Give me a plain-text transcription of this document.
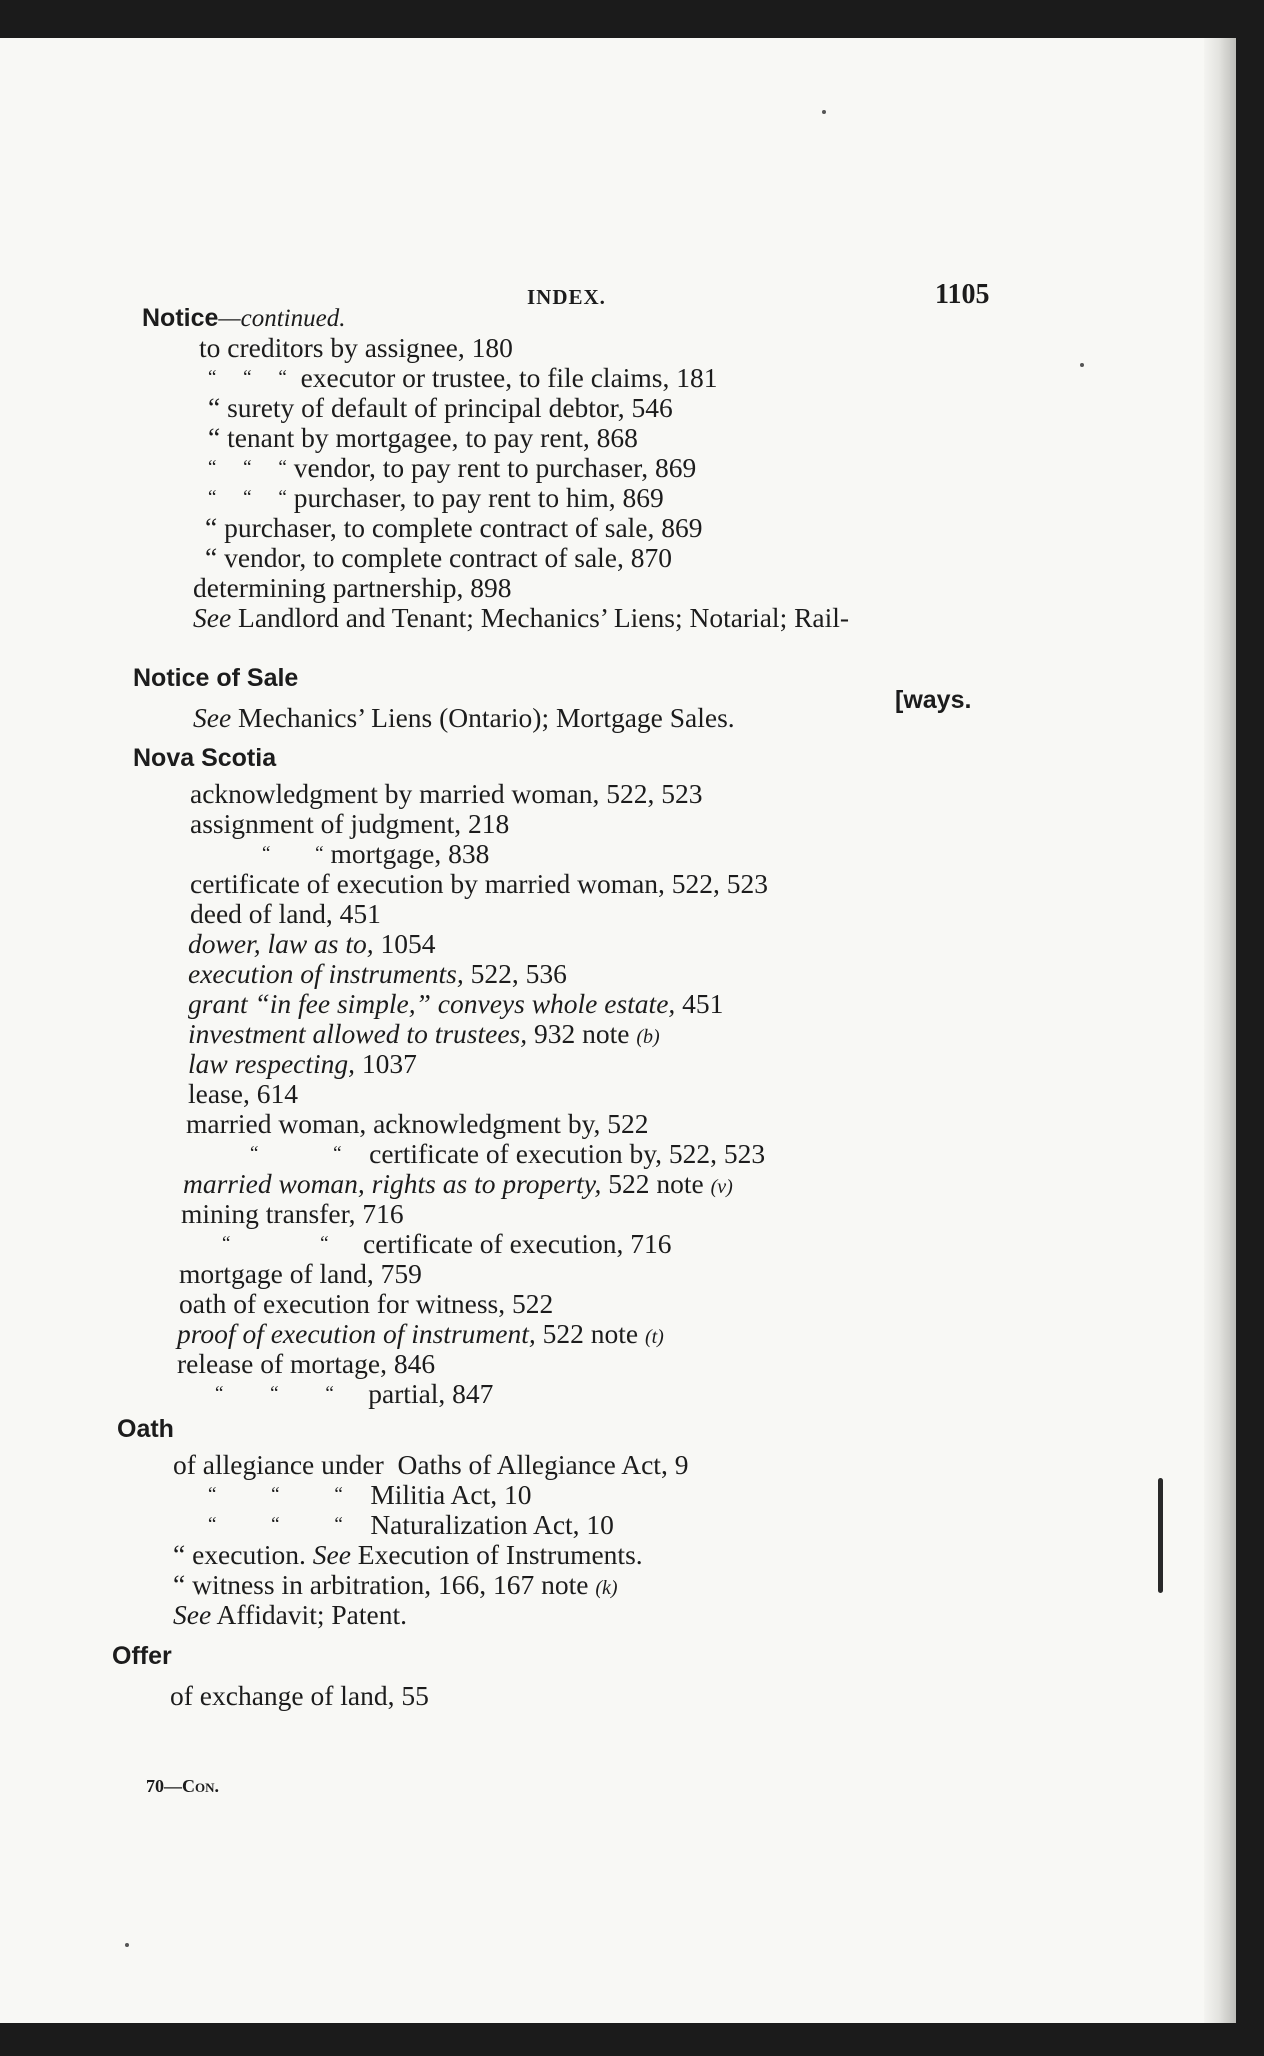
INDEX.	1105
Notice—continued.
to creditors by assignee, 180
“ “ “ executor or trustee, to file claims, 181
“ surety of default of principal debtor, 546
“ tenant by mortgagee, to pay rent, 868
“ “ “ vendor, to pay rent to purchaser, 869
“ “ “ purchaser, to pay rent to him, 869
“ purchaser, to complete contract of sale, 869
“ vendor, to complete contract of sale, 870
determining partnership, 898
See Landlord and Tenant; Mechanics’ Liens; Notarial; Rail-
[ways.
Notice of Sale
See Mechanics’ Liens (Ontario); Mortgage Sales.
Nova Scotia
acknowledgment by married woman, 522, 523
assignment of judgment, 218
“ “ mortgage, 838
certificate of execution by married woman, 522, 523
deed of land, 451
dower, law as to, 1054
execution of instruments, 522, 536
grant “in fee simple,” conveys whole estate, 451
investment allowed to trustees, 932 note (b)
law respecting, 1037
lease, 614
married woman, acknowledgment by, 522
“ “ certificate of execution by, 522, 523
married woman, rights as to property, 522 note (v)
mining transfer, 716
“ “ certificate of execution, 716
mortgage of land, 759
oath of execution for witness, 522
proof of execution of instrument, 522 note (t)
release of mortage, 846
“ “ “ partial, 847
Oath
of allegiance under Oaths of Allegiance Act, 9
“ “ “ Militia Act, 10
“ “ “ Naturalization Act, 10
“ execution. See Execution of Instruments.
“ witness in arbitration, 166, 167 note (k)
See Affidavit; Patent.
Offer
of exchange of land, 55
70—Con.
